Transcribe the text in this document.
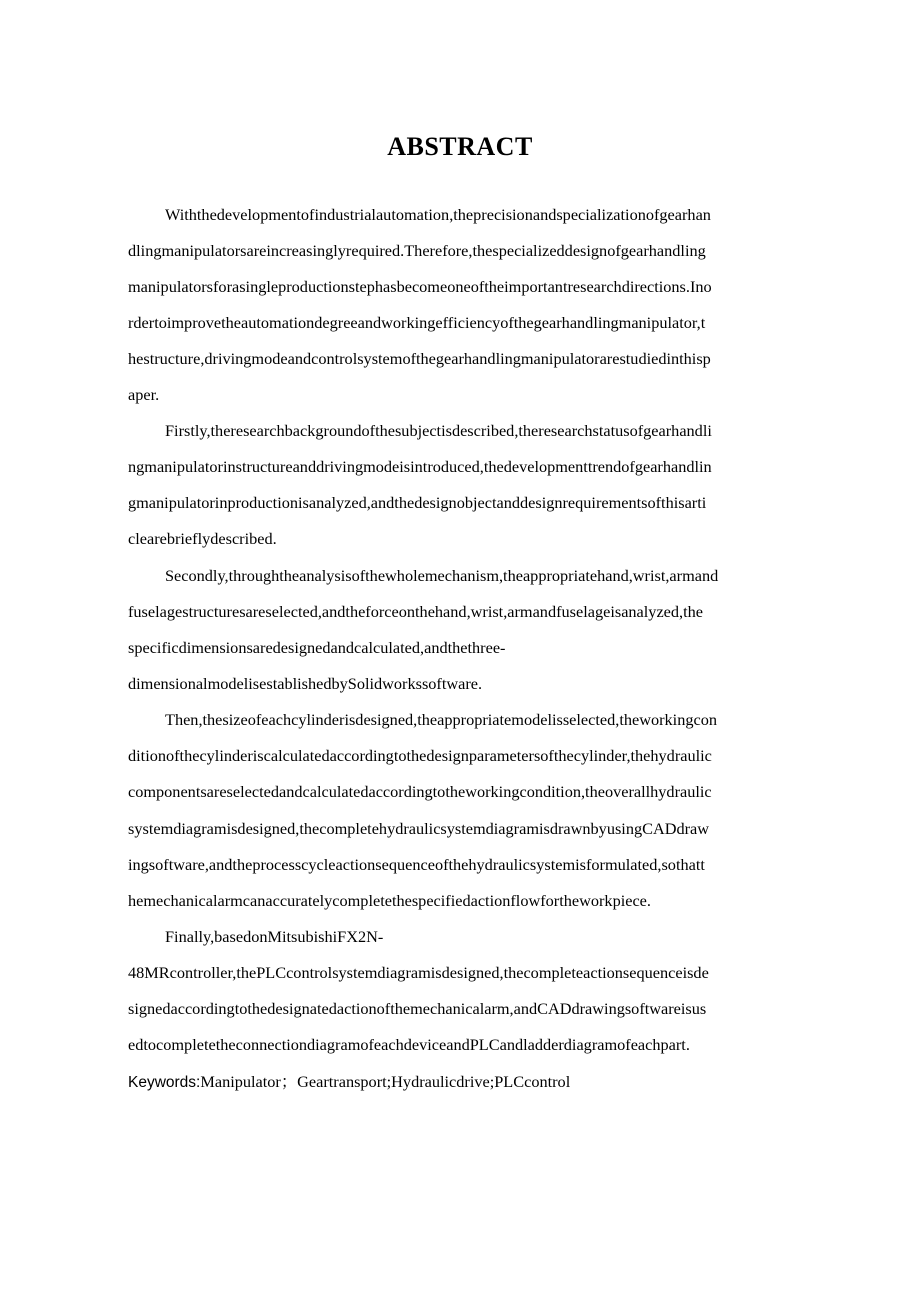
ABSTRACT
Withthedevelopmentofindustrialautomation,theprecisionandspecializationofgearhan
dlingmanipulatorsareincreasinglyrequired.Therefore,thespecializeddesignofgearhandling
manipulatorsforasingleproductionstephasbecomeoneoftheimportantresearchdirections.Ino
rdertoimprovetheautomationdegreeandworkingefficiencyofthegearhandlingmanipulator,t
hestructure,drivingmodeandcontrolsystemofthegearhandlingmanipulatorarestudiedinthisp
aper.
Firstly,theresearchbackgroundofthesubjectisdescribed,theresearchstatusofgearhandli
ngmanipulatorinstructureanddrivingmodeisintroduced,thedevelopmenttrendofgearhandlin
gmanipulatorinproductionisanalyzed,andthedesignobjectanddesignrequirementsofthisarti
clearebrieflydescribed.
Secondly,throughtheanalysisofthewholemechanism,theappropriatehand,wrist,armand
fuselagestructuresareselected,andtheforceonthehand,wrist,armandfuselageisanalyzed,the
specificdimensionsaredesignedandcalculated,andthethree-
dimensionalmodelisestablishedbySolidworkssoftware.
Then,thesizeofeachcylinderisdesigned,theappropriatemodelisselected,theworkingcon
ditionofthecylinderiscalculatedaccordingtothedesignparametersofthecylinder,thehydraulic
componentsareselectedandcalculatedaccordingtotheworkingcondition,theoverallhydraulic
systemdiagramisdesigned,thecompletehydraulicsystemdiagramisdrawnbyusingCADdraw
ingsoftware,andtheprocesscycleactionsequenceofthehydraulicsystemisformulated,sothatt
hemechanicalarmcanaccuratelycompletethespecifiedactionflowfortheworkpiece.
Finally,basedonMitsubishiFX2N-
48MRcontroller,thePLCcontrolsystemdiagramisdesigned,thecompleteactionsequenceisde
signedaccordingtothedesignatedactionofthemechanicalarm,andCADdrawingsoftwareisus
edtocompletetheconnectiondiagramofeachdeviceandPLCandladderdiagramofeachpart.
Keywords:Manipulator；Geartransport;Hydraulicdrive;PLCcontrol
